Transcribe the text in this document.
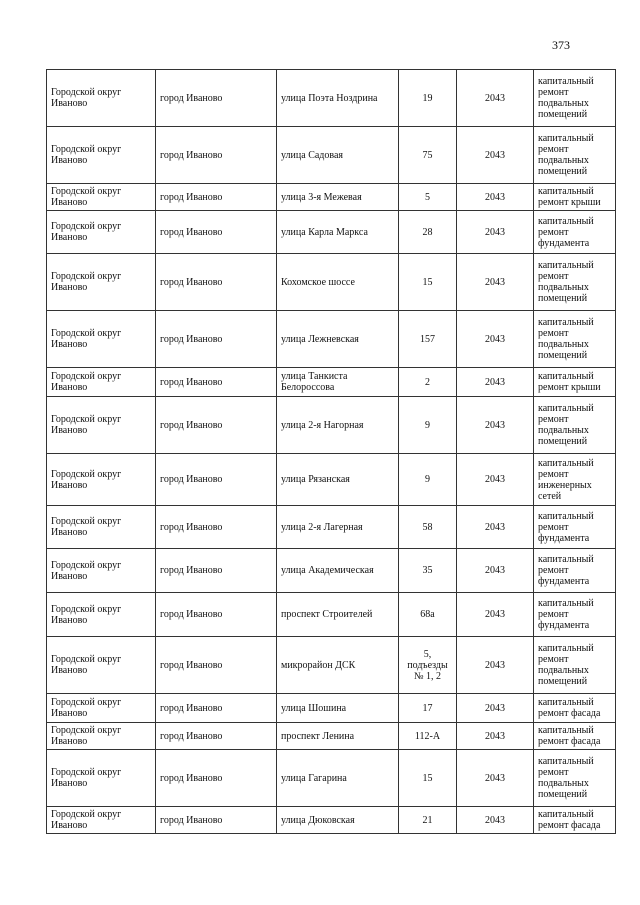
373
Городской округ Иваново	город Иваново	улица Поэта Ноздрина	19	2043	капитальный ремонт подвальных помещений
Городской округ Иваново	город Иваново	улица Садовая	75	2043	капитальный ремонт подвальных помещений
Городской округ Иваново	город Иваново	улица 3-я Межевая	5	2043	капитальный ремонт крыши
Городской округ Иваново	город Иваново	улица Карла Маркса	28	2043	капитальный ремонт фундамента
Городской округ Иваново	город Иваново	Кохомское шоссе	15	2043	капитальный ремонт подвальных помещений
Городской округ Иваново	город Иваново	улица Лежневская	157	2043	капитальный ремонт подвальных помещений
Городской округ Иваново	город Иваново	улица Танкиста Белороссова	2	2043	капитальный ремонт крыши
Городской округ Иваново	город Иваново	улица 2-я Нагорная	9	2043	капитальный ремонт подвальных помещений
Городской округ Иваново	город Иваново	улица Рязанская	9	2043	капитальный ремонт инженерных сетей
Городской округ Иваново	город Иваново	улица 2-я Лагерная	58	2043	капитальный ремонт фундамента
Городской округ Иваново	город Иваново	улица Академическая	35	2043	капитальный ремонт фундамента
Городской округ Иваново	город Иваново	проспект Строителей	68а	2043	капитальный ремонт фундамента
Городской округ Иваново	город Иваново	микрорайон ДСК	5, подъезды № 1, 2	2043	капитальный ремонт подвальных помещений
Городской округ Иваново	город Иваново	улица Шошина	17	2043	капитальный ремонт фасада
Городской округ Иваново	город Иваново	проспект Ленина	112-А	2043	капитальный ремонт фасада
Городской округ Иваново	город Иваново	улица Гагарина	15	2043	капитальный ремонт подвальных помещений
Городской округ Иваново	город Иваново	улица Дюковская	21	2043	капитальный ремонт фасада
